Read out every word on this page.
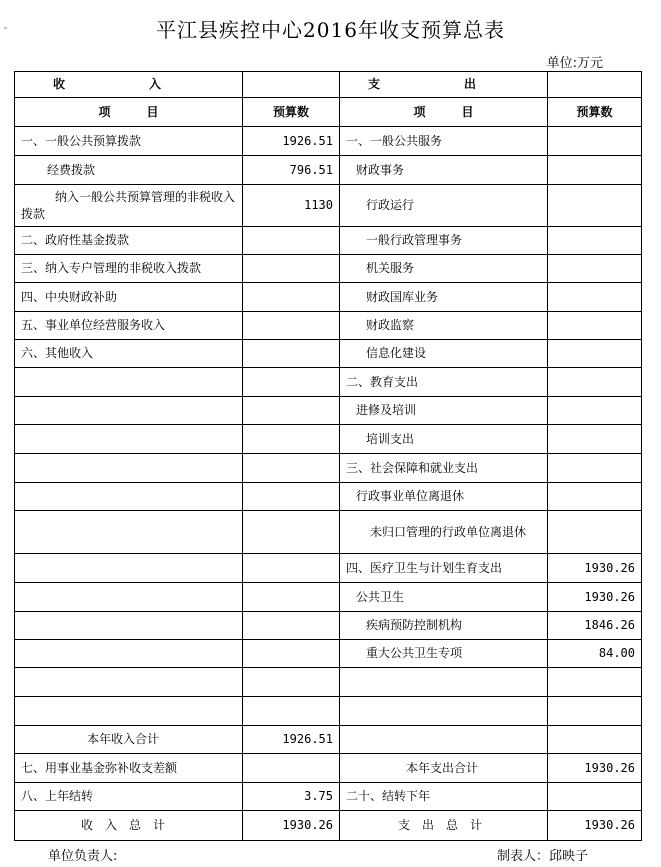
⌄	平江县疾控中心2016年收支预算总表
单位:万元
收　　　　　　　入		支　　　　　　　出	
项　　　目	预算数	项　　　目	预算数
一、一般公共预算拨款	1926.51	一、一般公共服务	
经费拨款	796.51	财政事务	
纳入一般公共预算管理的非税收入拨款	1130	行政运行	
二、政府性基金拨款		一般行政管理事务	
三、纳入专户管理的非税收入拨款		机关服务	
四、中央财政补助		财政国库业务	
五、事业单位经营服务收入		财政监察	
六、其他收入		信息化建设	
		二、教育支出	
		进修及培训	
		培训支出	
		三、社会保障和就业支出	
		行政事业单位离退休	
		未归口管理的行政单位离退休	
		四、医疗卫生与计划生育支出	1930.26
		公共卫生	1930.26
		疾病预防控制机构	1846.26
		重大公共卫生专项	84.00

本年收入合计	1926.51		
七、用事业基金弥补收支差额		本年支出合计	1930.26
八、上年结转	3.75	二十、结转下年	
收　入　总　计	1930.26	支　出　总　计	1930.26
单位负责人:	制表人：邱映子
